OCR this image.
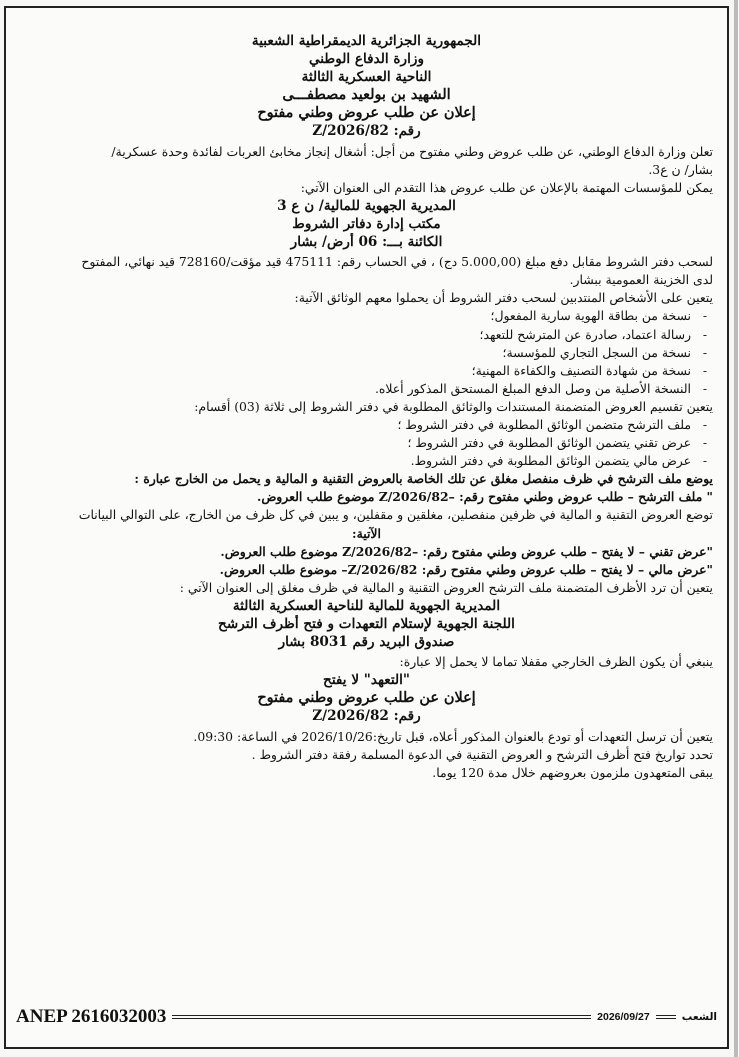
الجمهورية الجزائرية الديمقراطية الشعبية
وزارة الدفاع الوطني
الناحية العسكرية الثالثة
الشهيد بن بولعيد مصطفـــى
إعلان عن طلب عروض وطني مفتوح
رقم: 82/Z/2026
تعلن وزارة الدفاع الوطني، عن طلب عروض وطني مفتوح من أجل: أشغال إنجاز مخابئ العربات لفائدة وحدة عسكرية/
بشار/ ن ع3.
يمكن للمؤسسات المهتمة بالإعلان عن طلب عروض هذا التقدم الى العنوان الآتي:
المديرية الجهوية للمالية/ ن ع 3
مكتب إدارة دفاتر الشروط
الكائنة بـــ: 06 أرض/ بشار
لسحب دفتر الشروط مقابل دفع مبلغ (5.000,00 دج) ، في الحساب رقم: 475111 قيد مؤقت/728160 قيد نهائي، المفتوح
لدى الخزينة العمومية ببشار.
يتعين على الأشخاص المنتدبين لسحب دفتر الشروط أن يحملوا معهم الوثائق الآتية:
- نسخة من بطاقة الهوية سارية المفعول؛
- رسالة اعتماد، صادرة عن المترشح للتعهد؛
- نسخة من السجل التجاري للمؤسسة؛
- نسخة من شهادة التصنيف والكفاءة المهنية؛
- النسخة الأصلية من وصل الدفع المبلغ المستحق المذكور أعلاه.
يتعين تقسيم العروض المتضمنة المستندات والوثائق المطلوبة في دفتر الشروط إلى ثلاثة (03) أقسام:
- ملف الترشح متضمن الوثائق المطلوبة في دفتر الشروط ؛
- عرض تقني يتضمن الوثائق المطلوبة في دفتر الشروط ؛
- عرض مالي يتضمن الوثائق المطلوبة في دفتر الشروط.
يوضع ملف الترشح في ظرف منفصل مغلق عن تلك الخاصة بالعروض التقنية و المالية و يحمل من الخارج عبارة :
" ملف الترشح – طلب عروض وطني مفتوح رقم: –82/Z/2026 موضوع طلب العروض.
توضع العروض التقنية و المالية في ظرفين منفصلين، مغلقين و مقفلين، و يبين في كل ظرف من الخارج، على التوالي البيانات
الآتية:
"عرض تقني – لا يفتح – طلب عروض وطني مفتوح رقم: –82/Z/2026 موضوع طلب العروض.
"عرض مالي – لا يفتح – طلب عروض وطني مفتوح رقم: 82/Z/2026– موضوع طلب العروض.
يتعين أن ترد الأظرف المتضمنة ملف الترشح العروض التقنية و المالية في ظرف مغلق إلى العنوان الآتي :
المديرية الجهوية للمالية للناحية العسكرية الثالثة
اللجنة الجهوية لإستلام التعهدات و فتح أظرف الترشح
صندوق البريد رقم 8031 بشار
ينبغي أن يكون الظرف الخارجي مقفلا تماما لا يحمل إلا عبارة:
"التعهد" لا يفتح
إعلان عن طلب عروض وطني مفتوح
رقم: 82/Z/2026
يتعين أن ترسل التعهدات أو تودع بالعنوان المذكور أعلاه، قبل تاريخ:2026/10/26 في الساعة: 09:30.
تحدد تواريخ فتح أظرف الترشح و العروض التقنية في الدعوة المسلمة رفقة دفتر الشروط .
يبقى المتعهدون ملزمون بعروضهم خلال مدة 120 يوما.
ANEP 2616032003	2026/09/27	الشعب
